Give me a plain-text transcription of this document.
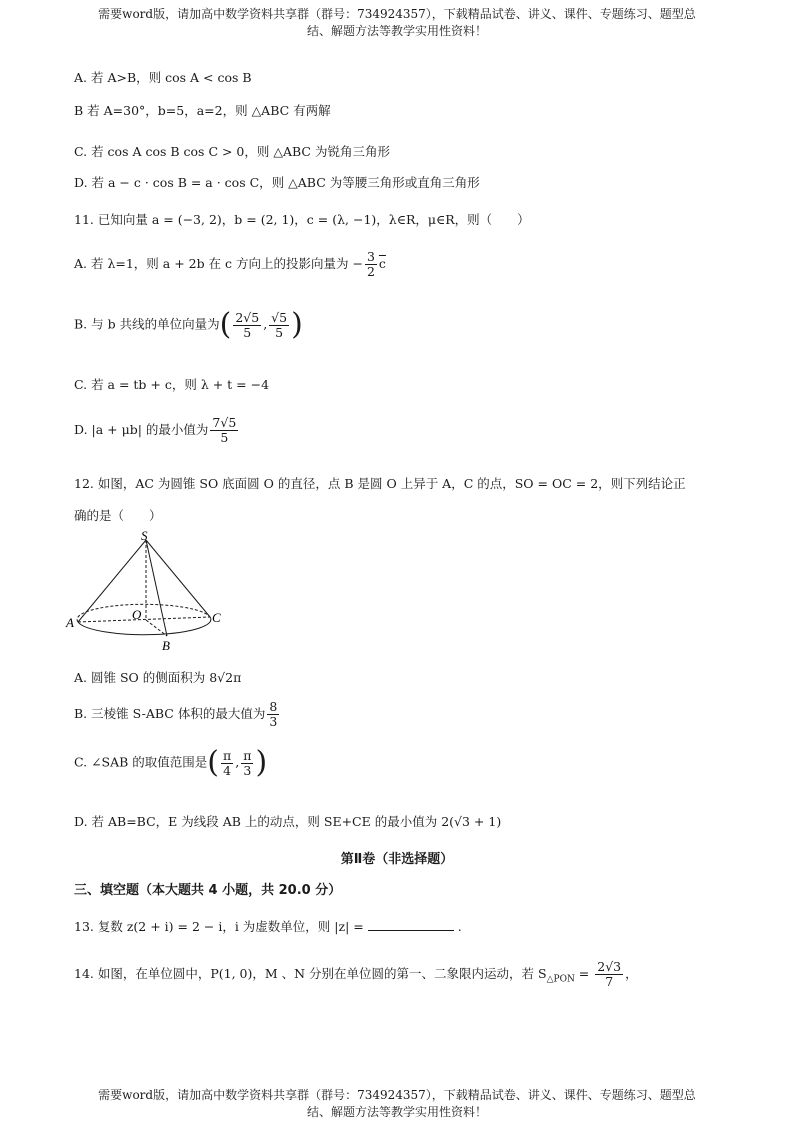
需要word版，请加高中数学资料共享群（群号：734924357），下载精品试卷、讲义、课件、专题练习、题型总
结、解题方法等教学实用性资料！
A. 若 A>B，则 cos A < cos B
B 若 A=30°，b=5，a=2，则 △ABC 有两解
C. 若 cos A cos B cos C > 0，则 △ABC 为锐角三角形
D. 若 a − c · cos B = a · cos C，则 △ABC 为等腰三角形或直角三角形
11. 已知向量 a = (−3, 2)，b = (2, 1)，c = (λ, −1)，λ∈R，μ∈R，则（　　）
A. 若 λ=1，则 a + 2b 在 c 方向上的投影向量为 − $\frac{3}{2} \overline{c}$
B. 与 b 共线的单位向量为( $\frac{2√5}{5}$ , $\frac{√5}{5}$ )
C. 若 a = tb + c，则 λ + t = −4
D. |a + μb| 的最小值为 $\frac{7√5}{5}$
12. 如图，AC 为圆锥 SO 底面圆 O 的直径，点 B 是圆 O 上异于 A，C 的点，SO = OC = 2，则下列结论正
确的是（　　）
S
O
A
B
C
A. 圆锥 SO 的侧面积为 8√2π
B. 三棱锥 S-ABC 体积的最大值为 $\frac{8}{3}$
C. ∠SAB 的取值范围是( $\frac{\pi}{4}$ , $\frac{\pi}{3}$ )
D. 若 AB=BC，E 为线段 AB 上的动点，则 SE+CE 的最小值为 2(√3 + 1)
第Ⅱ卷（非选择题）
三、填空题（本大题共 4 小题，共 20.0 分）
13. 复数 z(2 + i) = 2 − i，i 为虚数单位，则 |z| =	.
14. 如图，在单位圆中，P(1, 0)，M 、N 分别在单位圆的第一、二象限内运动，若 $S_{\triangle PON} = \frac{2√3}{7}$ ，
需要word版，请加高中数学资料共享群（群号：734924357），下载精品试卷、讲义、课件、专题练习、题型总
结、解题方法等教学实用性资料！
